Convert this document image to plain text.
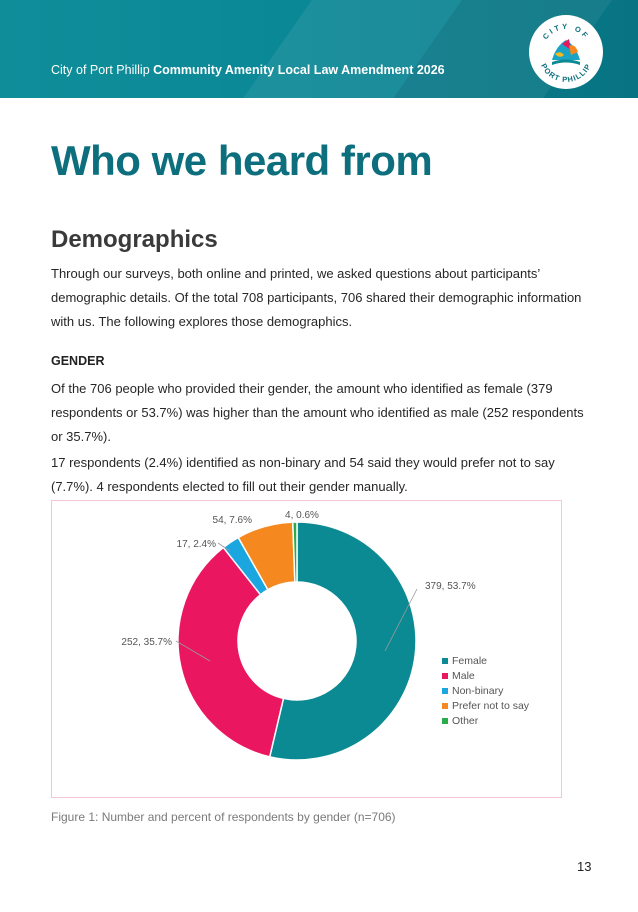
City of Port Phillip Community Amenity Local Law Amendment 2026
CITY OF
PORT PHILLIP
Who we heard from
Demographics
Through our surveys, both online and printed, we asked questions about participants’ demographic details. Of the total 708 participants, 706 shared their demographic information with us. The following explores those demographics.
GENDER
Of the 706 people who provided their gender, the amount who identified as female (379 respondents or 53.7%) was higher than the amount who identified as male (252 respondents or 35.7%).
17 respondents (2.4%) identified as non-binary and 54 said they would prefer not to say (7.7%). 4 respondents elected to fill out their gender manually.
379, 53.7%
252, 35.7%
17, 2.4%
54, 7.6%	4, 0.6%
Female
Male
Non-binary
Prefer not to say
Other
Figure 1: Number and percent of respondents by gender (n=706)
13
